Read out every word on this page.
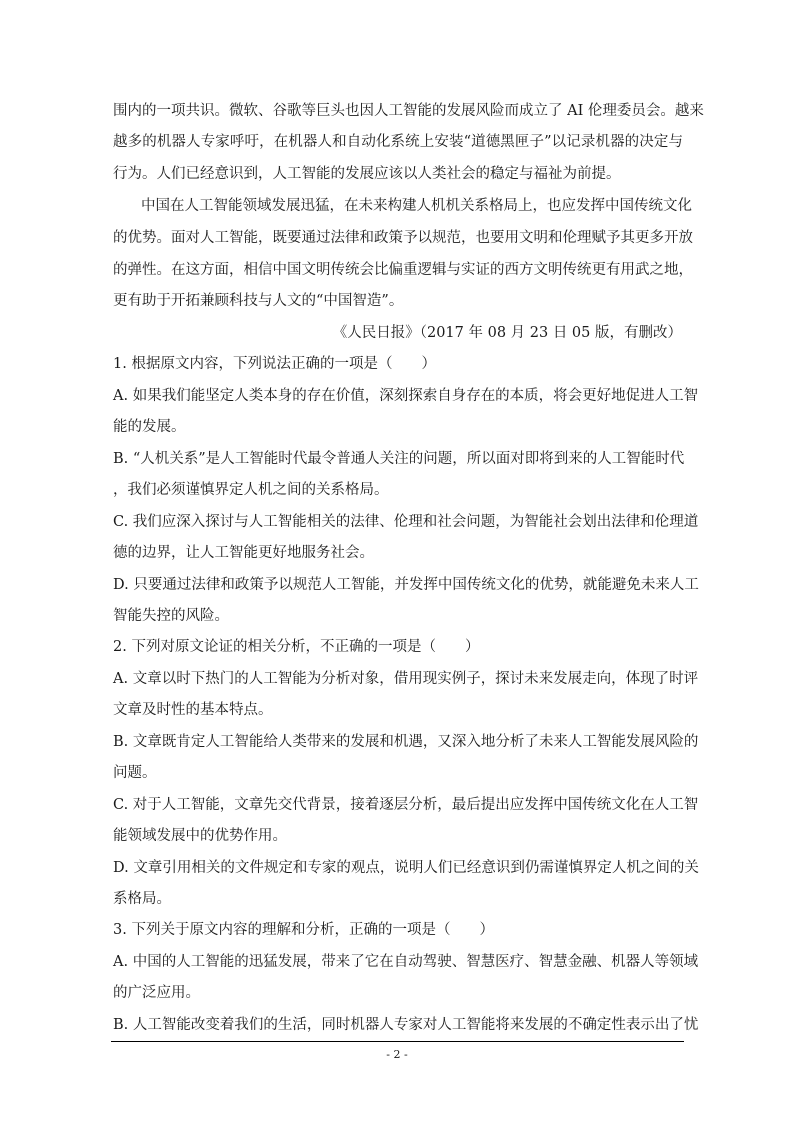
围内的一项共识。微软、谷歌等巨头也因人工智能的发展风险而成立了 AI 伦理委员会。越来
越多的机器人专家呼吁，在机器人和自动化系统上安装“道德黑匣子”以记录机器的决定与
行为。人们已经意识到，人工智能的发展应该以人类社会的稳定与福祉为前提。
中国在人工智能领域发展迅猛，在未来构建人机机关系格局上，也应发挥中国传统文化
的优势。面对人工智能，既要通过法律和政策予以规范，也要用文明和伦理赋予其更多开放
的弹性。在这方面，相信中国文明传统会比偏重逻辑与实证的西方文明传统更有用武之地，
更有助于开拓兼顾科技与人文的“中国智造”。
《人民日报》（2017 年 08 月 23 日 05 版，有删改）
1. 根据原文内容，下列说法正确的一项是（　　）
A. 如果我们能坚定人类本身的存在价值，深刻探索自身存在的本质，将会更好地促进人工智
能的发展。
B. “人机关系”是人工智能时代最令普通人关注的问题，所以面对即将到来的人工智能时代
，我们必须谨慎界定人机之间的关系格局。
C. 我们应深入探讨与人工智能相关的法律、伦理和社会问题，为智能社会划出法律和伦理道
德的边界，让人工智能更好地服务社会。
D. 只要通过法律和政策予以规范人工智能，并发挥中国传统文化的优势，就能避免未来人工
智能失控的风险。
2. 下列对原文论证的相关分析，不正确的一项是（　　）
A. 文章以时下热门的人工智能为分析对象，借用现实例子，探讨未来发展走向，体现了时评
文章及时性的基本特点。
B. 文章既肯定人工智能给人类带来的发展和机遇，又深入地分析了未来人工智能发展风险的
问题。
C. 对于人工智能，文章先交代背景，接着逐层分析，最后提出应发挥中国传统文化在人工智
能领域发展中的优势作用。
D. 文章引用相关的文件规定和专家的观点，说明人们已经意识到仍需谨慎界定人机之间的关
系格局。
3. 下列关于原文内容的理解和分析，正确的一项是（　　）
A. 中国的人工智能的迅猛发展，带来了它在自动驾驶、智慧医疗、智慧金融、机器人等领域
的广泛应用。
B. 人工智能改变着我们的生活，同时机器人专家对人工智能将来发展的不确定性表示出了忧
- 2 -
